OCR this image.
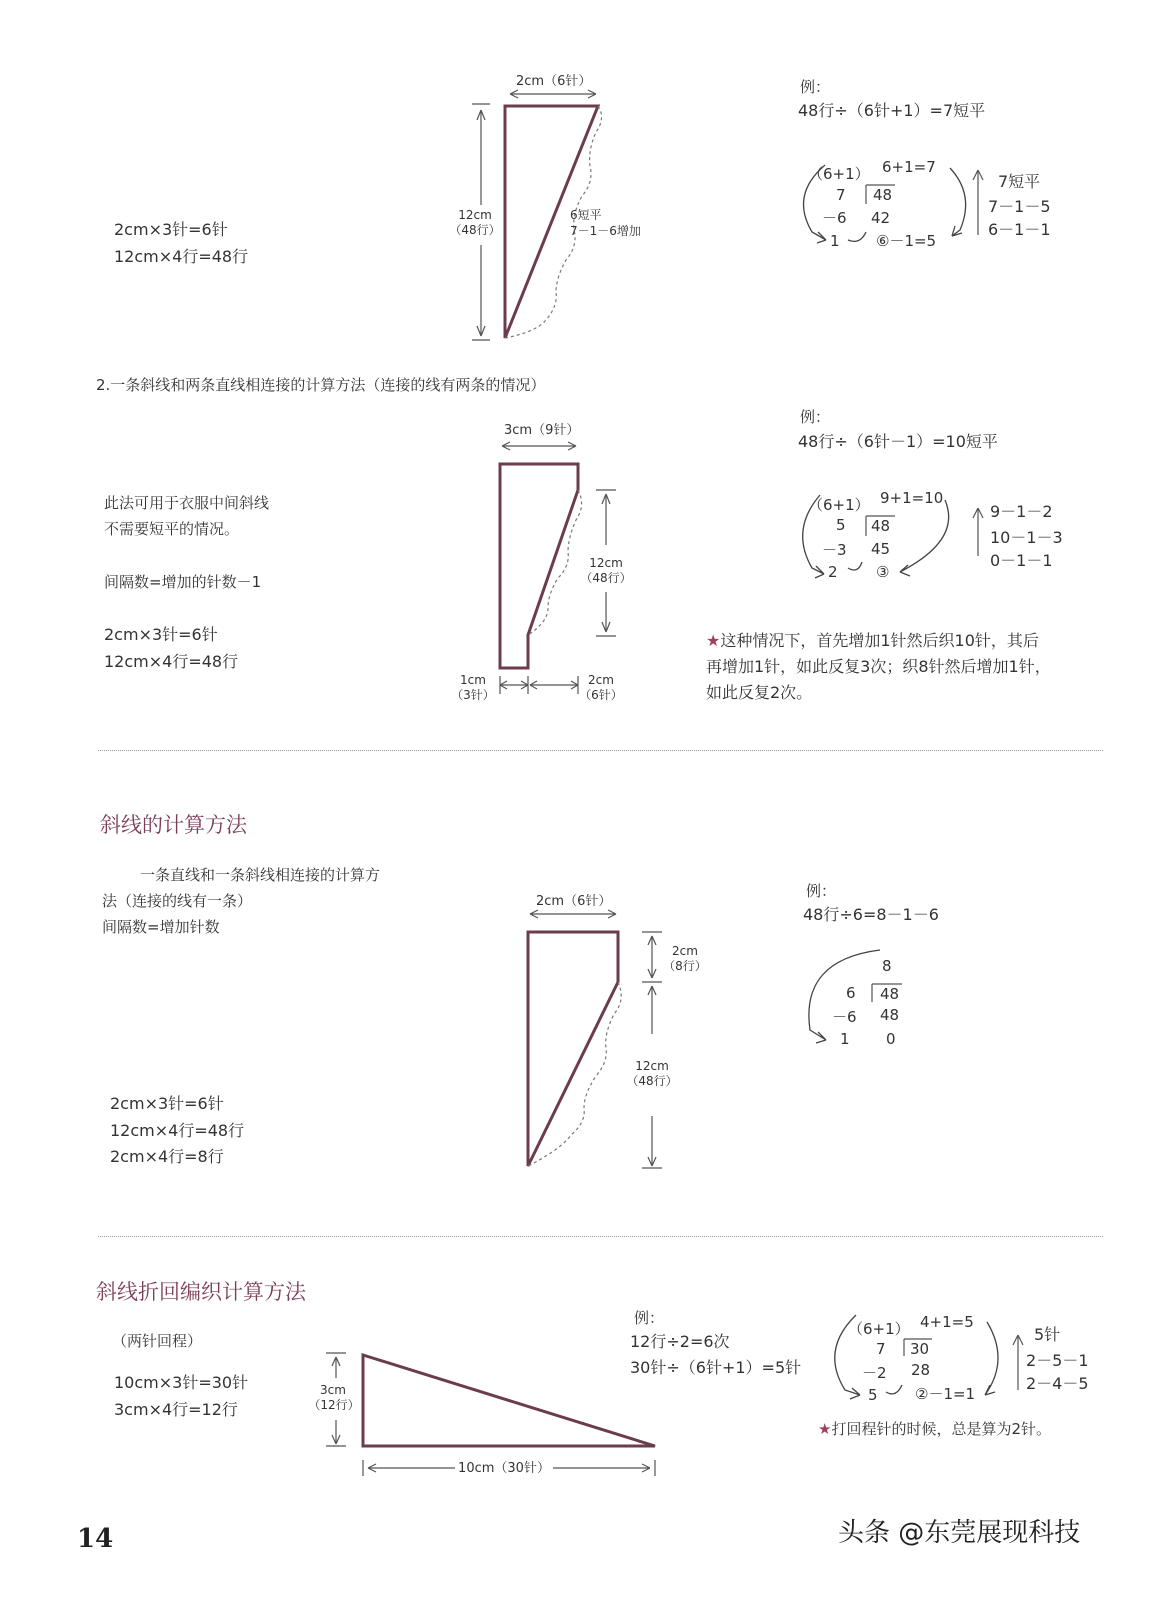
2cm×3针=6针
12cm×4行=48行
2cm（6针）
12cm
（48行）
6短平
7－1－6增加
例：
48行÷（6针+1）=7短平
（6+1） 6+1=7
7 48
－6 42
1 ⑥－1=5
7短平
7－1－5
6－1－1
2.一条斜线和两条直线相连接的计算方法（连接的线有两条的情况）
此法可用于衣服中间斜线
不需要短平的情况。
间隔数=增加的针数－1
2cm×3针=6针
12cm×4行=48行
3cm（9针）
12cm
（48行）
1cm
（3针）
2cm
（6针）
例：
48行÷（6针－1）=10短平
（6+1） 9+1=10
5 48
－3 45
2	③
9－1－2
10－1－3
0－1－1
★这种情况下，首先增加1针然后织10针，其后
再增加1针，如此反复3次；织8针然后增加1针，
如此反复2次。
斜线的计算方法
一条直线和一条斜线相连接的计算方
法（连接的线有一条）
间隔数=增加针数
2cm×3针=6针
12cm×4行=48行
2cm×4行=8行
2cm（6针）
2cm
（8行）
12cm
（48行）
例：
48行÷6=8－1－6
8
6 48
－6 48
1 0
斜线折回编织计算方法
（两针回程）
10cm×3针=30针
3cm×4行=12行
3cm
（12行）
10cm（30针）
例：
12行÷2=6次
30针÷（6针+1）=5针
（6+1） 4+1=5
7 30
－2 28
5 ②－1=1
5针
2－5－1
2－4－5
★打回程针的时候，总是算为2针。
14	头条 @东莞展现科技
